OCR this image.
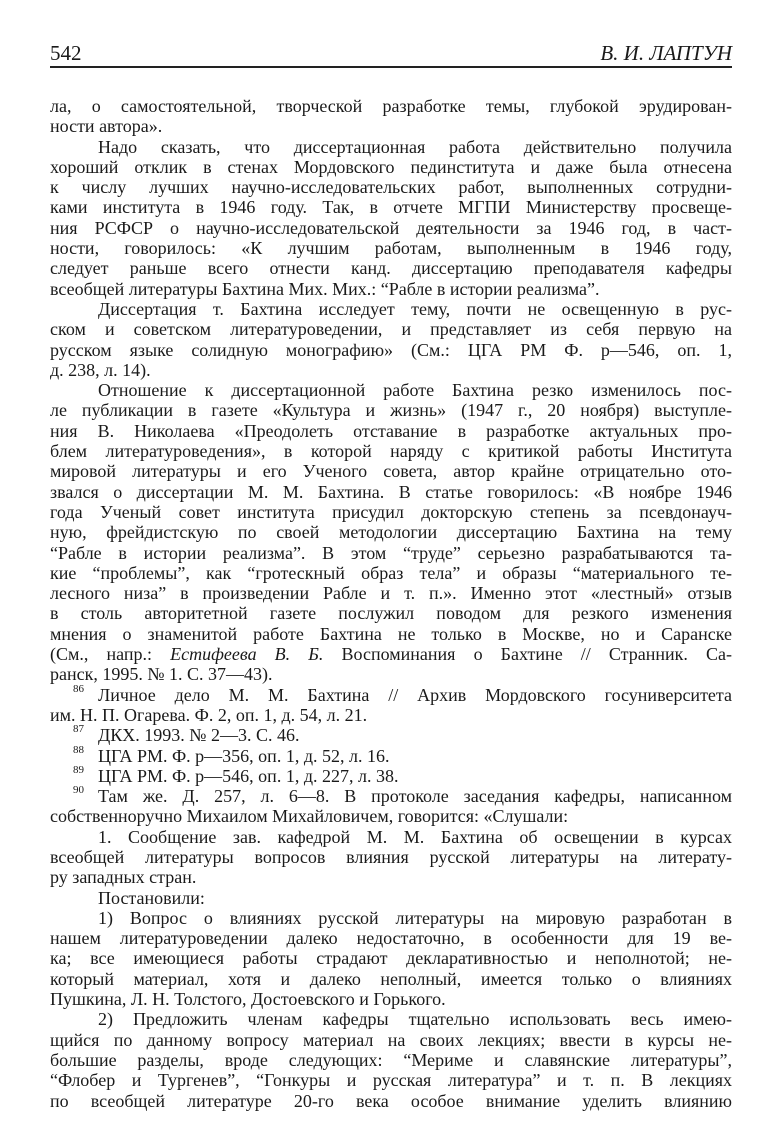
542	В. И. ЛАПТУН
ла, о самостоятельной, творческой разработке темы, глубокой эрудирован-
ности автора».
Надо сказать, что диссертационная работа действительно получила
хороший отклик в стенах Мордовского пединститута и даже была отнесена
к числу лучших научно-исследовательских работ, выполненных сотрудни-
ками института в 1946 году. Так, в отчете МГПИ Министерству просвеще-
ния РСФСР о научно-исследовательской деятельности за 1946 год, в част-
ности, говорилось: «К лучшим работам, выполненным в 1946 году,
следует раньше всего отнести канд. диссертацию преподавателя кафедры
всеобщей литературы Бахтина Мих. Мих.: “Рабле в истории реализма”.
Диссертация т. Бахтина исследует тему, почти не освещенную в рус-
ском и советском литературоведении, и представляет из себя первую на
русском языке солидную монографию» (См.: ЦГА РМ Ф. р—546, оп. 1,
д. 238, л. 14).
Отношение к диссертационной работе Бахтина резко изменилось пос-
ле публикации в газете «Культура и жизнь» (1947 г., 20 ноября) выступле-
ния В. Николаева «Преодолеть отставание в разработке актуальных про-
блем литературоведения», в которой наряду с критикой работы Института
мировой литературы и его Ученого совета, автор крайне отрицательно ото-
звался о диссертации М. М. Бахтина. В статье говорилось: «В ноябре 1946
года Ученый совет института присудил докторскую степень за псевдонауч-
ную, фрейдистскую по своей методологии диссертацию Бахтина на тему
“Рабле в истории реализма”. В этом “труде” серьезно разрабатываются та-
кие “проблемы”, как “гротескный образ тела” и образы “материального те-
лесного низа” в произведении Рабле и т. п.». Именно этот «лестный» отзыв
в столь авторитетной газете послужил поводом для резкого изменения
мнения о знаменитой работе Бахтина не только в Москве, но и Саранске
(См., напр.: Естифеева В. Б. Воспоминания о Бахтине // Странник. Са-
ранск, 1995. № 1. С. 37—43).
86 Личное дело М. М. Бахтина // Архив Мордовского госуниверситета
им. Н. П. Огарева. Ф. 2, оп. 1, д. 54, л. 21.
87 ДКХ. 1993. № 2—3. С. 46.
88 ЦГА РМ. Ф. р—356, оп. 1, д. 52, л. 16.
89 ЦГА РМ. Ф. р—546, оп. 1, д. 227, л. 38.
90 Там же. Д. 257, л. 6—8. В протоколе заседания кафедры, написанном
собственноручно Михаилом Михайловичем, говорится: «Слушали:
1. Сообщение зав. кафедрой М. М. Бахтина об освещении в курсах
всеобщей литературы вопросов влияния русской литературы на литерату-
ру западных стран.
Постановили:
1) Вопрос о влияниях русской литературы на мировую разработан в
нашем литературоведении далеко недостаточно, в особенности для 19 ве-
ка; все имеющиеся работы страдают декларативностью и неполнотой; не-
который материал, хотя и далеко неполный, имеется только о влияниях
Пушкина, Л. Н. Толстого, Достоевского и Горького.
2) Предложить членам кафедры тщательно использовать весь имею-
щийся по данному вопросу материал на своих лекциях; ввести в курсы не-
большие разделы, вроде следующих: “Мериме и славянские литературы”,
“Флобер и Тургенев”, “Гонкуры и русская литература” и т. п. В лекциях
по всеобщей литературе 20-го века особое внимание уделить влиянию
